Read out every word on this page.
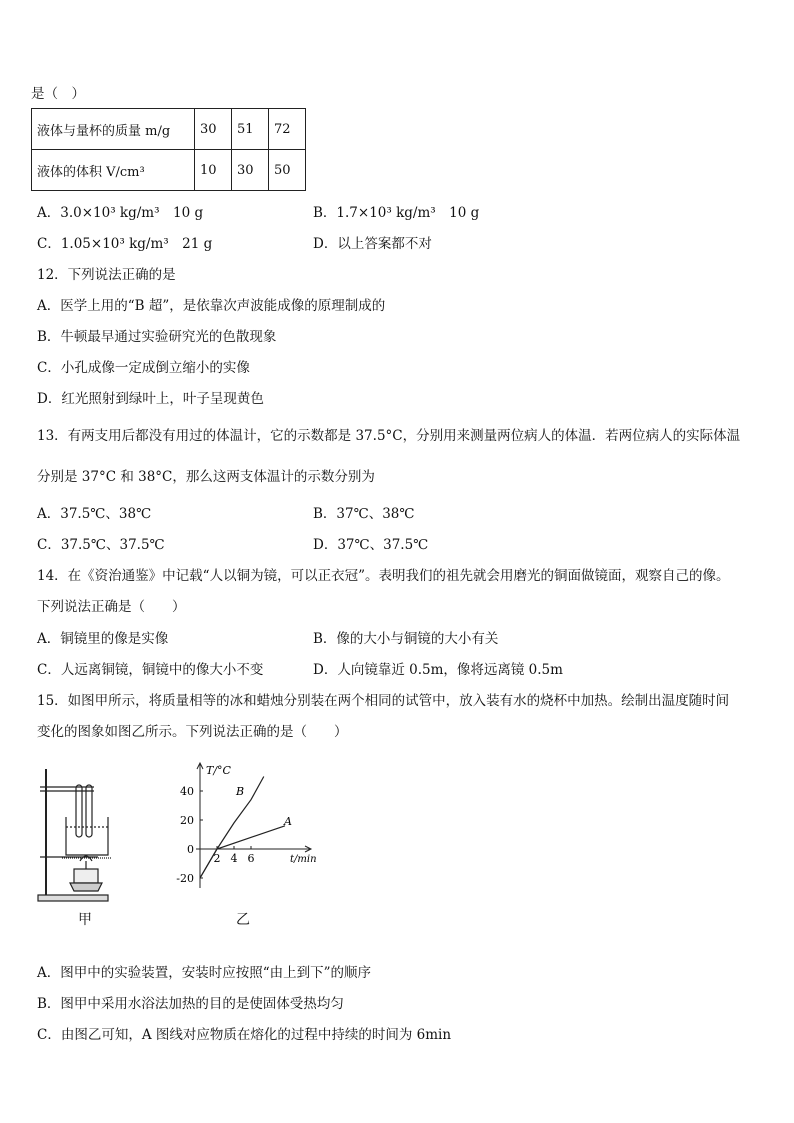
是（　）
液体与量杯的质量 m/g	30	51	72
液体的体积 V/cm³	10	30	50
A．3.0×10³ kg/m³　10 g	B．1.7×10³ kg/m³　10 g
C．1.05×10³ kg/m³　21 g	D．以上答案都不对
12．下列说法正确的是
A．医学上用的“B 超”，是依靠次声波能成像的原理制成的
B．牛顿最早通过实验研究光的色散现象
C．小孔成像一定成倒立缩小的实像
D．红光照射到绿叶上，叶子呈现黄色
13．有两支用后都没有用过的体温计，它的示数都是 37.5°C，分别用来测量两位病人的体温．若两位病人的实际体温
分别是 37°C 和 38°C，那么这两支体温计的示数分别为
A．37.5℃、38℃	B．37℃、38℃
C．37.5℃、37.5℃	D．37℃、37.5℃
14．在《资治通鉴》中记载“人以铜为镜，可以正衣冠”。表明我们的祖先就会用磨光的铜面做镜面，观察自己的像。
下列说法正确是（　　）
A．铜镜里的像是实像	B．像的大小与铜镜的大小有关
C．人远离铜镜，铜镜中的像大小不变	D．人向镜靠近 0.5m，像将远离镜 0.5m
15．如图甲所示，将质量相等的冰和蜡烛分别装在两个相同的试管中，放入装有水的烧杯中加热。绘制出温度随时间
变化的图象如图乙所示。下列说法正确的是（　　）
甲
T/°C
t/min
40
20
0
-20
2 4 6
B
A
乙
A．图甲中的实验装置，安装时应按照“由上到下”的顺序
B．图甲中采用水浴法加热的目的是使固体受热均匀
C．由图乙可知，A 图线对应物质在熔化的过程中持续的时间为 6min
